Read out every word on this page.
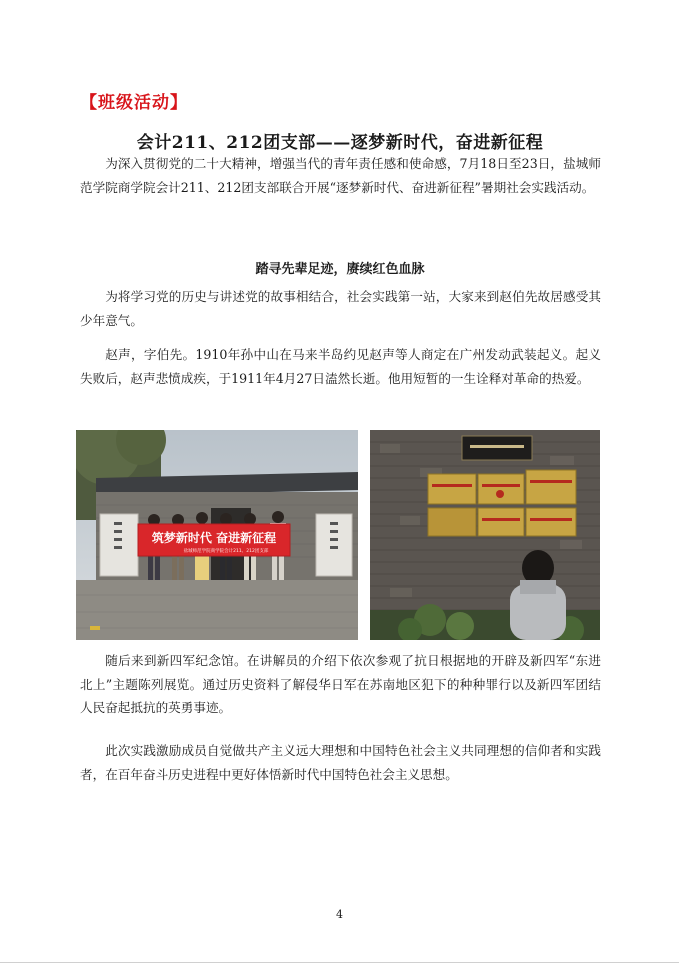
【班级活动】
会计211、212团支部——逐梦新时代，奋进新征程

为深入贯彻党的二十大精神，增强当代的青年责任感和使命感，7月18日至23日，盐城师范学院商学院会计211、212团支部联合开展“逐梦新时代、奋进新征程”暑期社会实践活动。

踏寻先辈足迹，赓续红色血脉

为将学习党的历史与讲述党的故事相结合，社会实践第一站，大家来到赵伯先故居感受其少年意气。

赵声，字伯先。1910年孙中山在马来半岛约见赵声等人商定在广州发动武装起义。起义失败后，赵声悲愤成疾，于1911年4月27日溘然长逝。他用短暂的一生诠释对革命的热爱。

筑梦新时代 奋进新征程
盐城师范学院商学院会计211、212团支部

随后来到新四军纪念馆。在讲解员的介绍下依次参观了抗日根据地的开辟及新四军“东进北上”主题陈列展览。通过历史资料了解侵华日军在苏南地区犯下的种种罪行以及新四军团结人民奋起抵抗的英勇事迹。

此次实践激励成员自觉做共产主义远大理想和中国特色社会主义共同理想的信仰者和实践者，在百年奋斗历史进程中更好体悟新时代中国特色社会主义思想。

4
